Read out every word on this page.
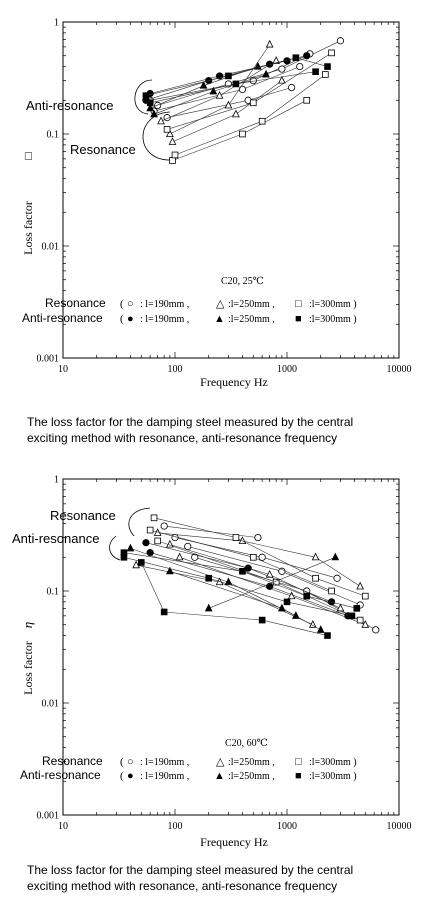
10	100	1000	10000
1
0.1
0.01
0.001
Loss factor
□
Frequency Hz
C20, 25℃
Anti-resonance
Resonance
Resonance ( ○ : l=190mm , △ :l=250mm , □ :l=300mm )
Anti-resonance ( ● : l=190mm , ▲ :l=250mm , ■ :l=300mm )
10	100	1000	10000
1
0.1
0.01
0.001
Loss factor
η
Frequency Hz
C20, 60℃
Resonance
Anti-resonance
Resonance ( ○ : l=190mm , △ :l=250mm , □ :l=300mm )
Anti-resonance ( ● : l=190mm , ▲ :l=250mm , ■ :l=300mm )
The loss factor for the damping steel measured by the central
exciting method with resonance, anti-resonance frequency
The loss factor for the damping steel measured by the central
exciting method with resonance, anti-resonance frequency
